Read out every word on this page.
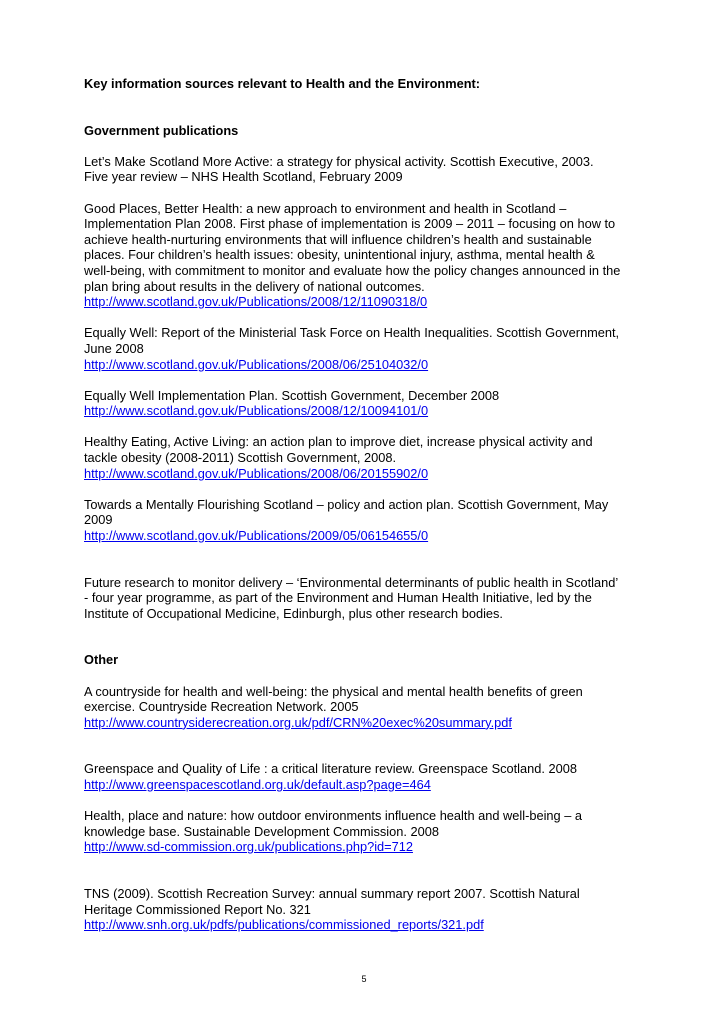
Key information sources relevant to Health and the Environment:

Government publications

Let’s Make Scotland More Active: a strategy for physical activity. Scottish Executive, 2003.
Five year review – NHS Health Scotland, February 2009
Good Places, Better Health: a new approach to environment and health in Scotland –
Implementation Plan 2008. First phase of implementation is 2009 – 2011 – focusing on how to
achieve health-nurturing environments that will influence children’s health and sustainable
places. Four children’s health issues: obesity, unintentional injury, asthma, mental health &
well-being, with commitment to monitor and evaluate how the policy changes announced in the
plan bring about results in the delivery of national outcomes.
http://www.scotland.gov.uk/Publications/2008/12/11090318/0
Equally Well: Report of the Ministerial Task Force on Health Inequalities. Scottish Government,
June 2008
http://www.scotland.gov.uk/Publications/2008/06/25104032/0
Equally Well Implementation Plan. Scottish Government, December 2008
http://www.scotland.gov.uk/Publications/2008/12/10094101/0
Healthy Eating, Active Living: an action plan to improve diet, increase physical activity and
tackle obesity (2008-2011) Scottish Government, 2008.
http://www.scotland.gov.uk/Publications/2008/06/20155902/0
Towards a Mentally Flourishing Scotland – policy and action plan. Scottish Government, May
2009
http://www.scotland.gov.uk/Publications/2009/05/06154655/0
Future research to monitor delivery – ‘Environmental determinants of public health in Scotland’
- four year programme, as part of the Environment and Human Health Initiative, led by the
Institute of Occupational Medicine, Edinburgh, plus other research bodies.

Other

A countryside for health and well-being: the physical and mental health benefits of green
exercise. Countryside Recreation Network. 2005
http://www.countrysiderecreation.org.uk/pdf/CRN%20exec%20summary.pdf
Greenspace and Quality of Life : a critical literature review. Greenspace Scotland. 2008
http://www.greenspacescotland.org.uk/default.asp?page=464
Health, place and nature: how outdoor environments influence health and well-being – a
knowledge base. Sustainable Development Commission. 2008
http://www.sd-commission.org.uk/publications.php?id=712
TNS (2009). Scottish Recreation Survey: annual summary report 2007. Scottish Natural
Heritage Commissioned Report No. 321
http://www.snh.org.uk/pdfs/publications/commissioned_reports/321.pdf
5
